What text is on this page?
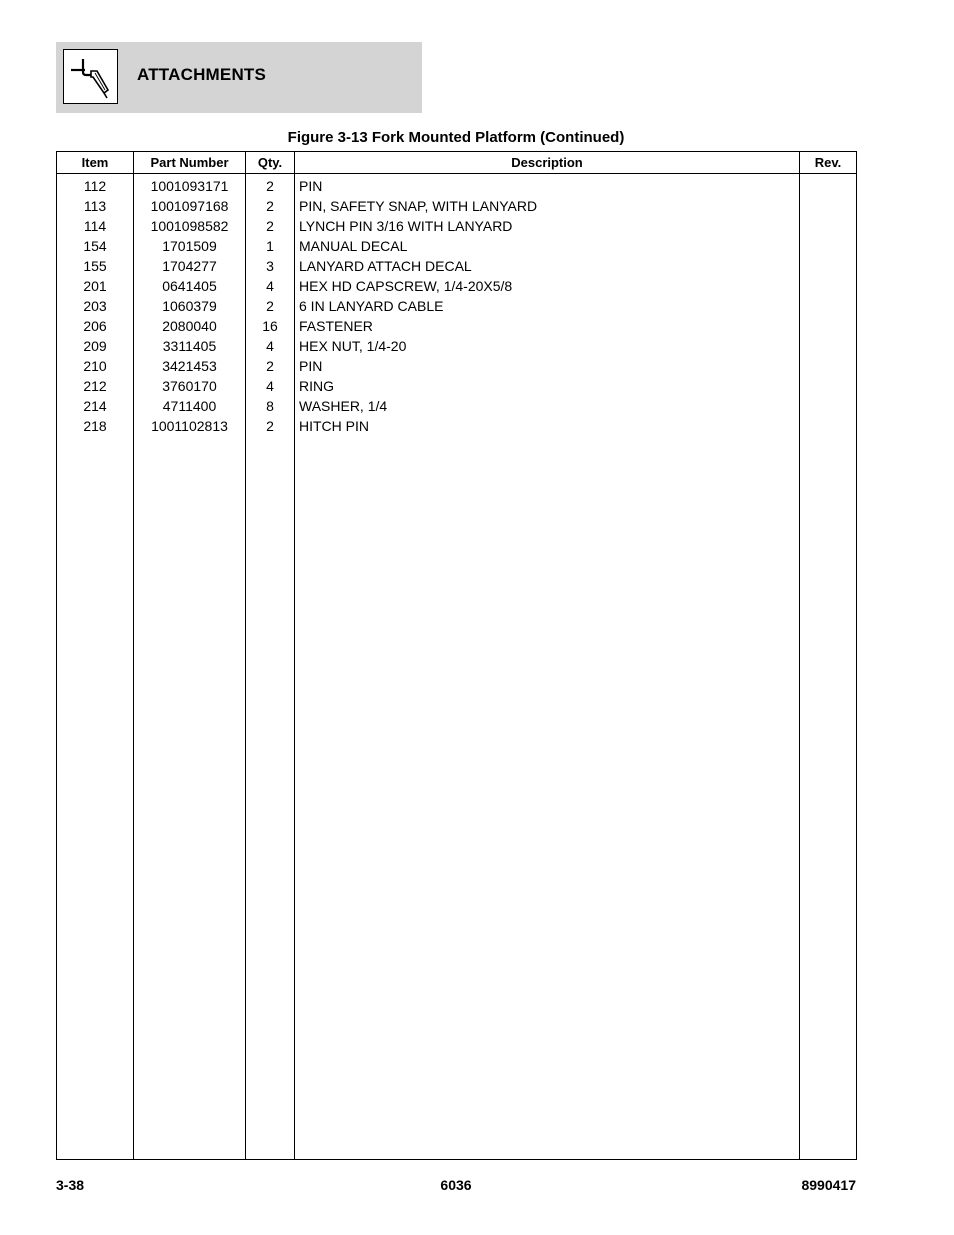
ATTACHMENTS
Figure 3-13 Fork Mounted Platform (Continued)
Item	Part Number	Qty.	Description	Rev.
112	1001093171	2	PIN	
113	1001097168	2	PIN, SAFETY SNAP, WITH LANYARD	
114	1001098582	2	LYNCH PIN 3/16 WITH LANYARD	
154	1701509	1	MANUAL DECAL	
155	1704277	3	LANYARD ATTACH DECAL	
201	0641405	4	HEX HD CAPSCREW, 1/4-20X5/8	
203	1060379	2	6 IN LANYARD CABLE	
206	2080040	16	FASTENER	
209	3311405	4	HEX NUT, 1/4-20	
210	3421453	2	PIN	
212	3760170	4	RING	
214	4711400	8	WASHER, 1/4	
218	1001102813	2	HITCH PIN	

3-38	6036	8990417
